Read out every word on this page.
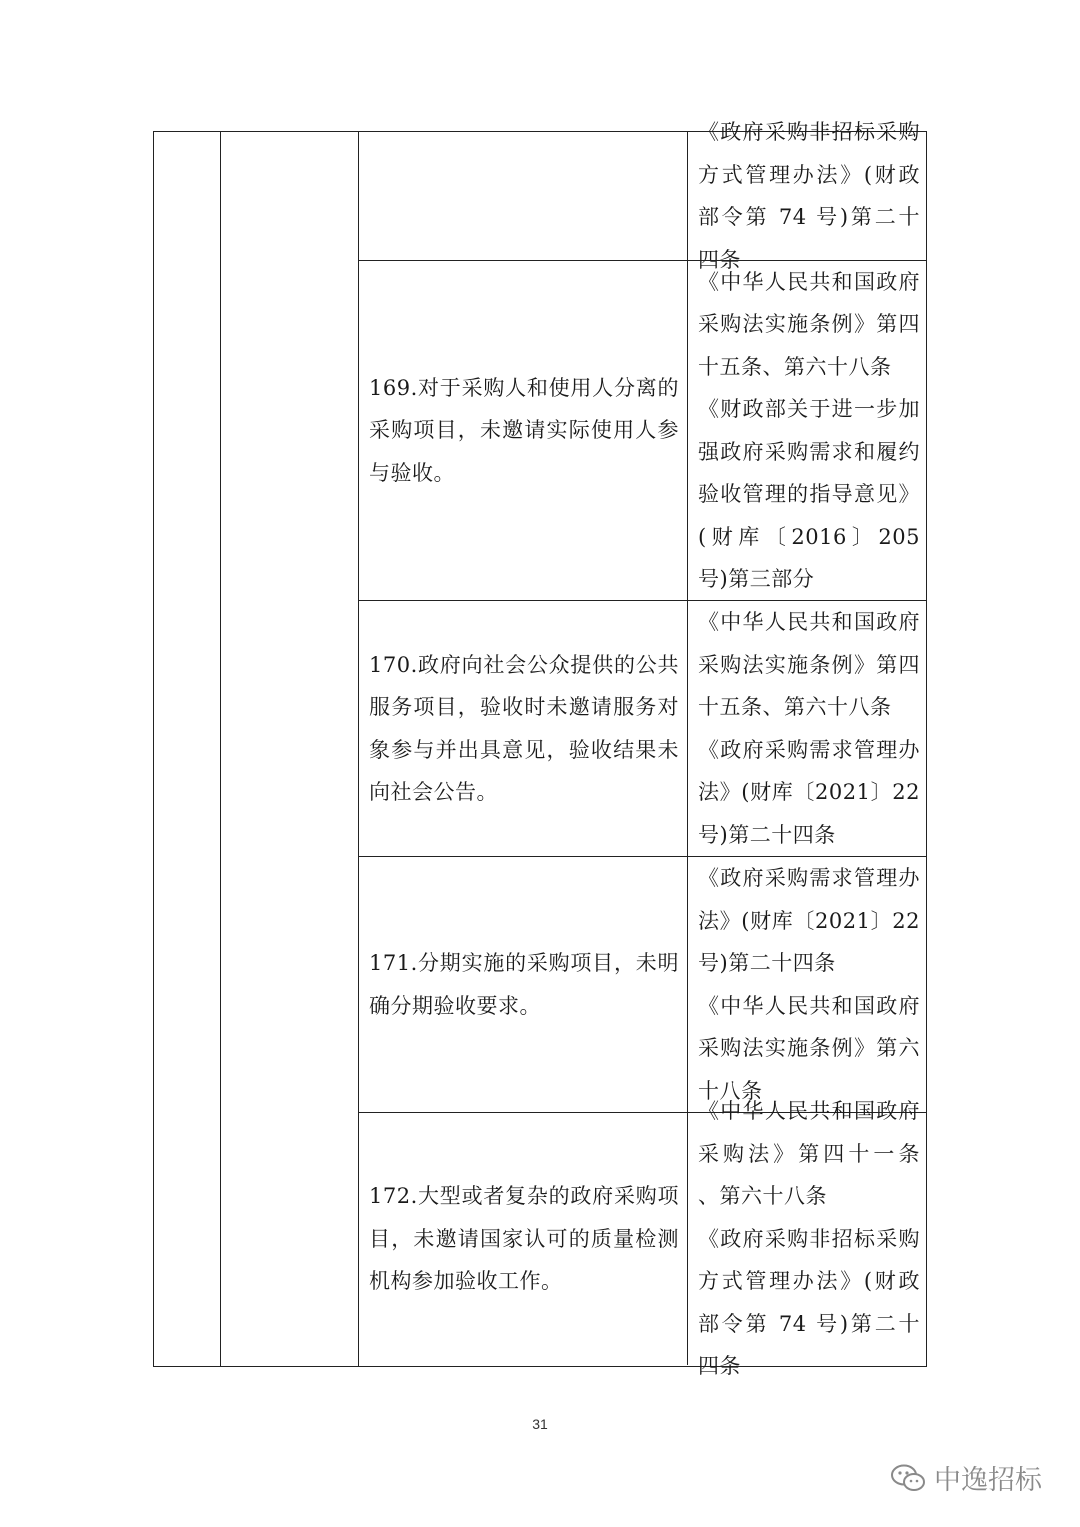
《政府采购非招标采购方式管理办法》(财政部令第 74 号)第二十四条

169.对于采购人和使用人分离的采购项目，未邀请实际使用人参与验收。

《中华人民共和国政府采购法实施条例》第四十五条、第六十八条

《财政部关于进一步加强政府采购需求和履约验收管理的指导意见》(财库〔2016〕205 号)第三部分

170.政府向社会公众提供的公共服务项目，验收时未邀请服务对象参与并出具意见，验收结果未向社会公告。

《中华人民共和国政府采购法实施条例》第四十五条、第六十八条

《政府采购需求管理办法》(财库〔2021〕22 号)第二十四条

171.分期实施的采购项目，未明确分期验收要求。

《政府采购需求管理办法》(财库〔2021〕22 号)第二十四条

《中华人民共和国政府采购法实施条例》第六十八条

172.大型或者复杂的政府采购项目，未邀请国家认可的质量检测机构参加验收工作。

《中华人民共和国政府采购法》第四十一条 、第六十八条

《政府采购非招标采购方式管理办法》(财政部令第 74 号)第二十四条

31
中逸招标
